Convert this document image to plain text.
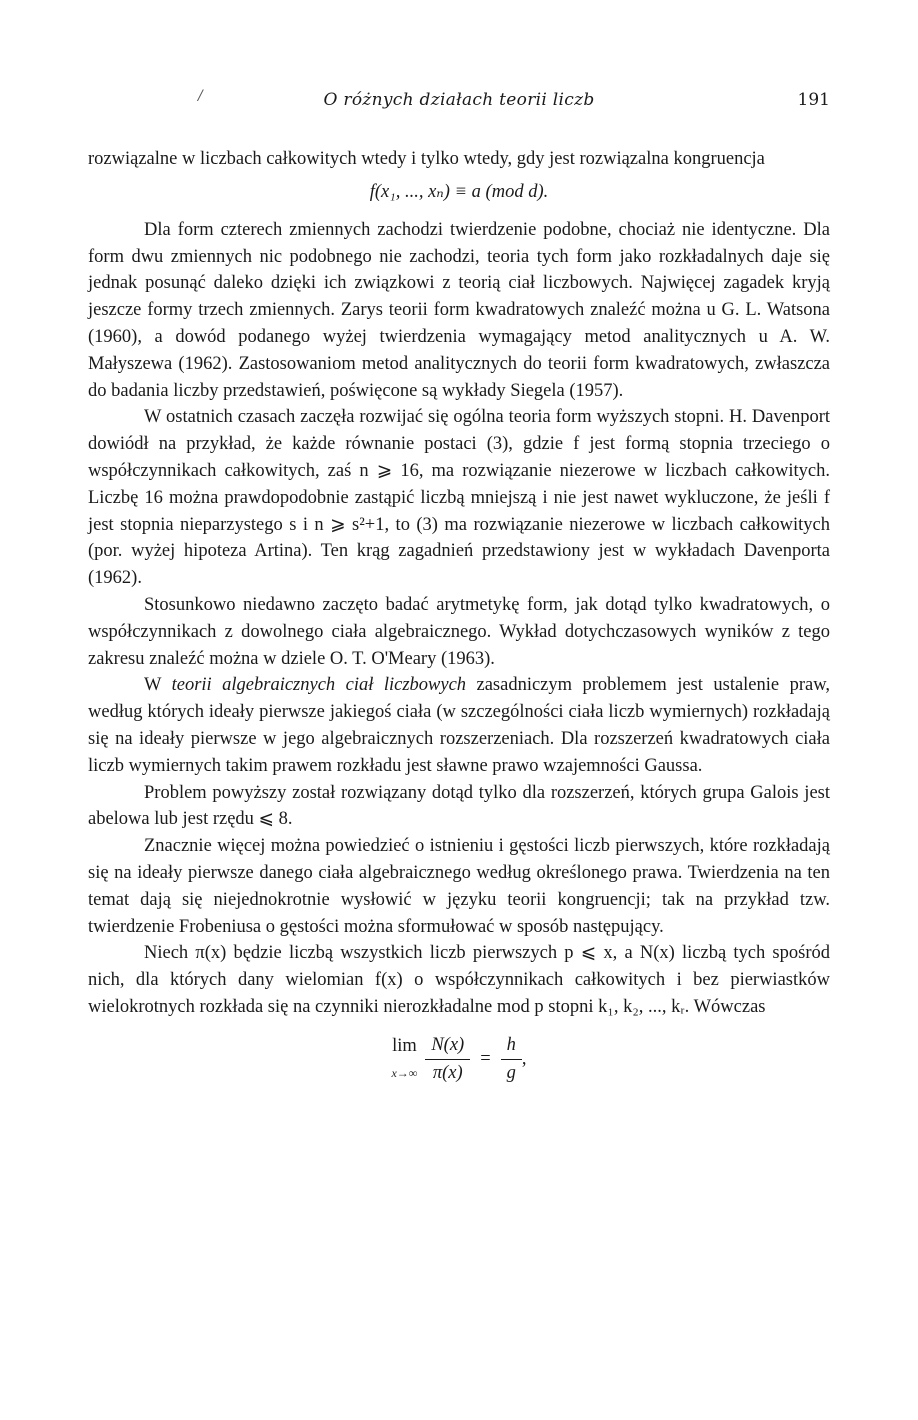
/	O różnych działach teorii liczb	191

rozwiązalne w liczbach całkowitych wtedy i tylko wtedy, gdy jest rozwiązalna kongruencja

f(x₁, ..., xₙ) ≡ a (mod d).

Dla form czterech zmiennych zachodzi twierdzenie podobne, chociaż nie identyczne. Dla form dwu zmiennych nic podobnego nie zachodzi, teoria tych form jako rozkładalnych daje się jednak posunąć daleko dzięki ich związkowi z teorią ciał liczbowych. Najwięcej zagadek kryją jeszcze formy trzech zmiennych. Zarys teorii form kwadratowych znaleźć można u G. L. Watsona (1960), a dowód podanego wyżej twierdzenia wymagający metod analitycznych u A. W. Małyszewa (1962). Zastosowaniom metod analitycznych do teorii form kwadratowych, zwłaszcza do badania liczby przedstawień, poświęcone są wykłady Siegela (1957).

W ostatnich czasach zaczęła rozwijać się ogólna teoria form wyższych stopni. H. Davenport dowiódł na przykład, że każde równanie postaci (3), gdzie f jest formą stopnia trzeciego o współczynnikach całkowitych, zaś n ⩾ 16, ma rozwiązanie niezerowe w liczbach całkowitych. Liczbę 16 można prawdopodobnie zastąpić liczbą mniejszą i nie jest nawet wykluczone, że jeśli f jest stopnia nieparzystego s i n ⩾ s²+1, to (3) ma rozwiązanie niezerowe w liczbach całkowitych (por. wyżej hipoteza Artina). Ten krąg zagadnień przedstawiony jest w wykładach Davenporta (1962).

Stosunkowo niedawno zaczęto badać arytmetykę form, jak dotąd tylko kwadratowych, o współczynnikach z dowolnego ciała algebraicznego. Wykład dotychczasowych wyników z tego zakresu znaleźć można w dziele O. T. O'Meary (1963).

W teorii algebraicznych ciał liczbowych zasadniczym problemem jest ustalenie praw, według których ideały pierwsze jakiegoś ciała (w szczególności ciała liczb wymiernych) rozkładają się na ideały pierwsze w jego algebraicznych rozszerzeniach. Dla rozszerzeń kwadratowych ciała liczb wymiernych takim prawem rozkładu jest sławne prawo wzajemności Gaussa.

Problem powyższy został rozwiązany dotąd tylko dla rozszerzeń, których grupa Galois jest abelowa lub jest rzędu ⩽ 8.

Znacznie więcej można powiedzieć o istnieniu i gęstości liczb pierwszych, które rozkładają się na ideały pierwsze danego ciała algebraicznego według określonego prawa. Twierdzenia na ten temat dają się niejednokrotnie wysłowić w języku teorii kongruencji; tak na przykład tzw. twierdzenie Frobeniusa o gęstości można sformułować w sposób następujący.

Niech π(x) będzie liczbą wszystkich liczb pierwszych p ⩽ x, a N(x) liczbą tych spośród nich, dla których dany wielomian f(x) o współczynnikach całkowitych i bez pierwiastków wielokrotnych rozkłada się na czynniki nierozkładalne mod p stopni k₁, k₂, ..., kᵣ. Wówczas

lim
$x\to\infty \frac{N(x)}{\pi(x)} = \frac{h}{g}$ ,
